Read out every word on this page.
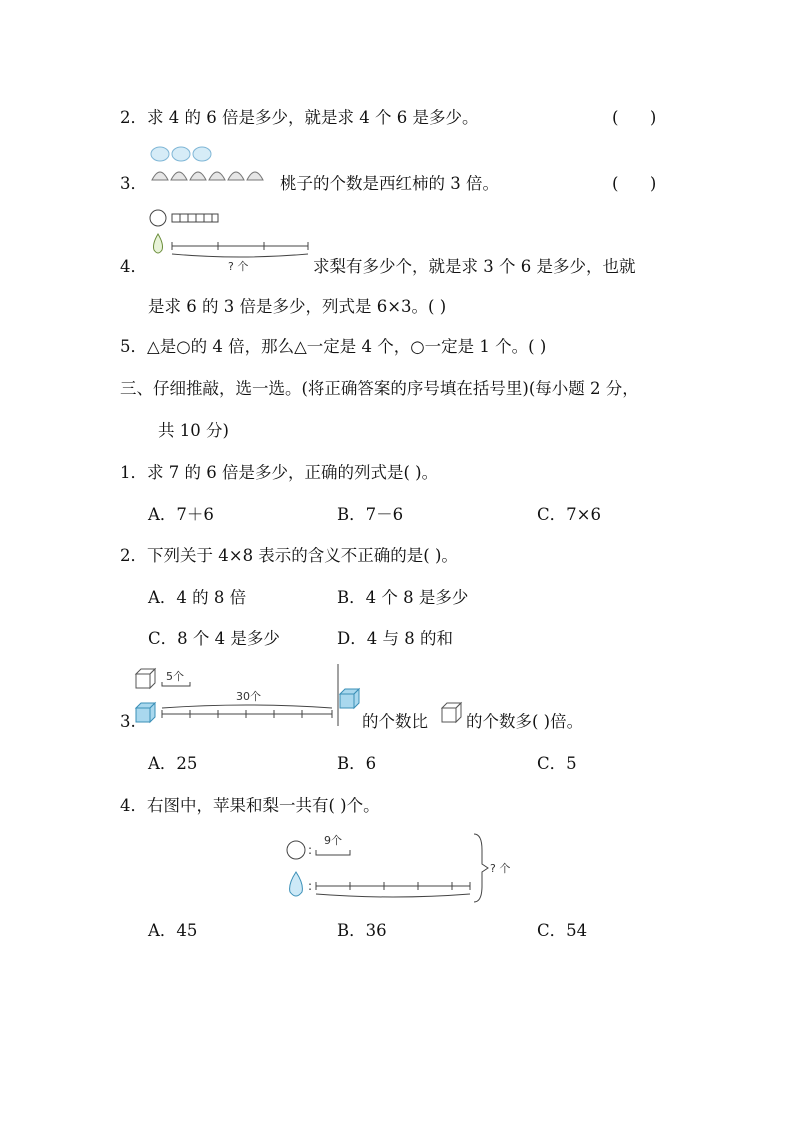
2．求 4 的 6 倍是多少，就是求 4 个 6 是多少。	(      )
3．	桃子的个数是西红柿的 3 倍。	(      )
4．	? 个	求梨有多少个，就是求 3 个 6 是多少，也就
是求 6 的 3 倍是多少，列式是 6×3。( )
5．△是○的 4 倍，那么△一定是 4 个，○一定是 1 个。( )
三、仔细推敲，选一选。(将正确答案的序号填在括号里)(每小题 2 分，
共 10 分)
1．求 7 的 6 倍是多少，正确的列式是( )。
A．7＋6	B．7－6	C．7×6
2．下列关于 4×8 表示的含义不正确的是( )。
A．4 的 8 倍	B．4 个 8 是多少
C．8 个 4 是多少	D．4 与 8 的和
3.
5个
30个
的个数比 的个数多( )倍。
A．25	B．6	C．5
4．右图中，苹果和梨一共有( )个。
:
9个
:
? 个
A．45	B．36	C．54
